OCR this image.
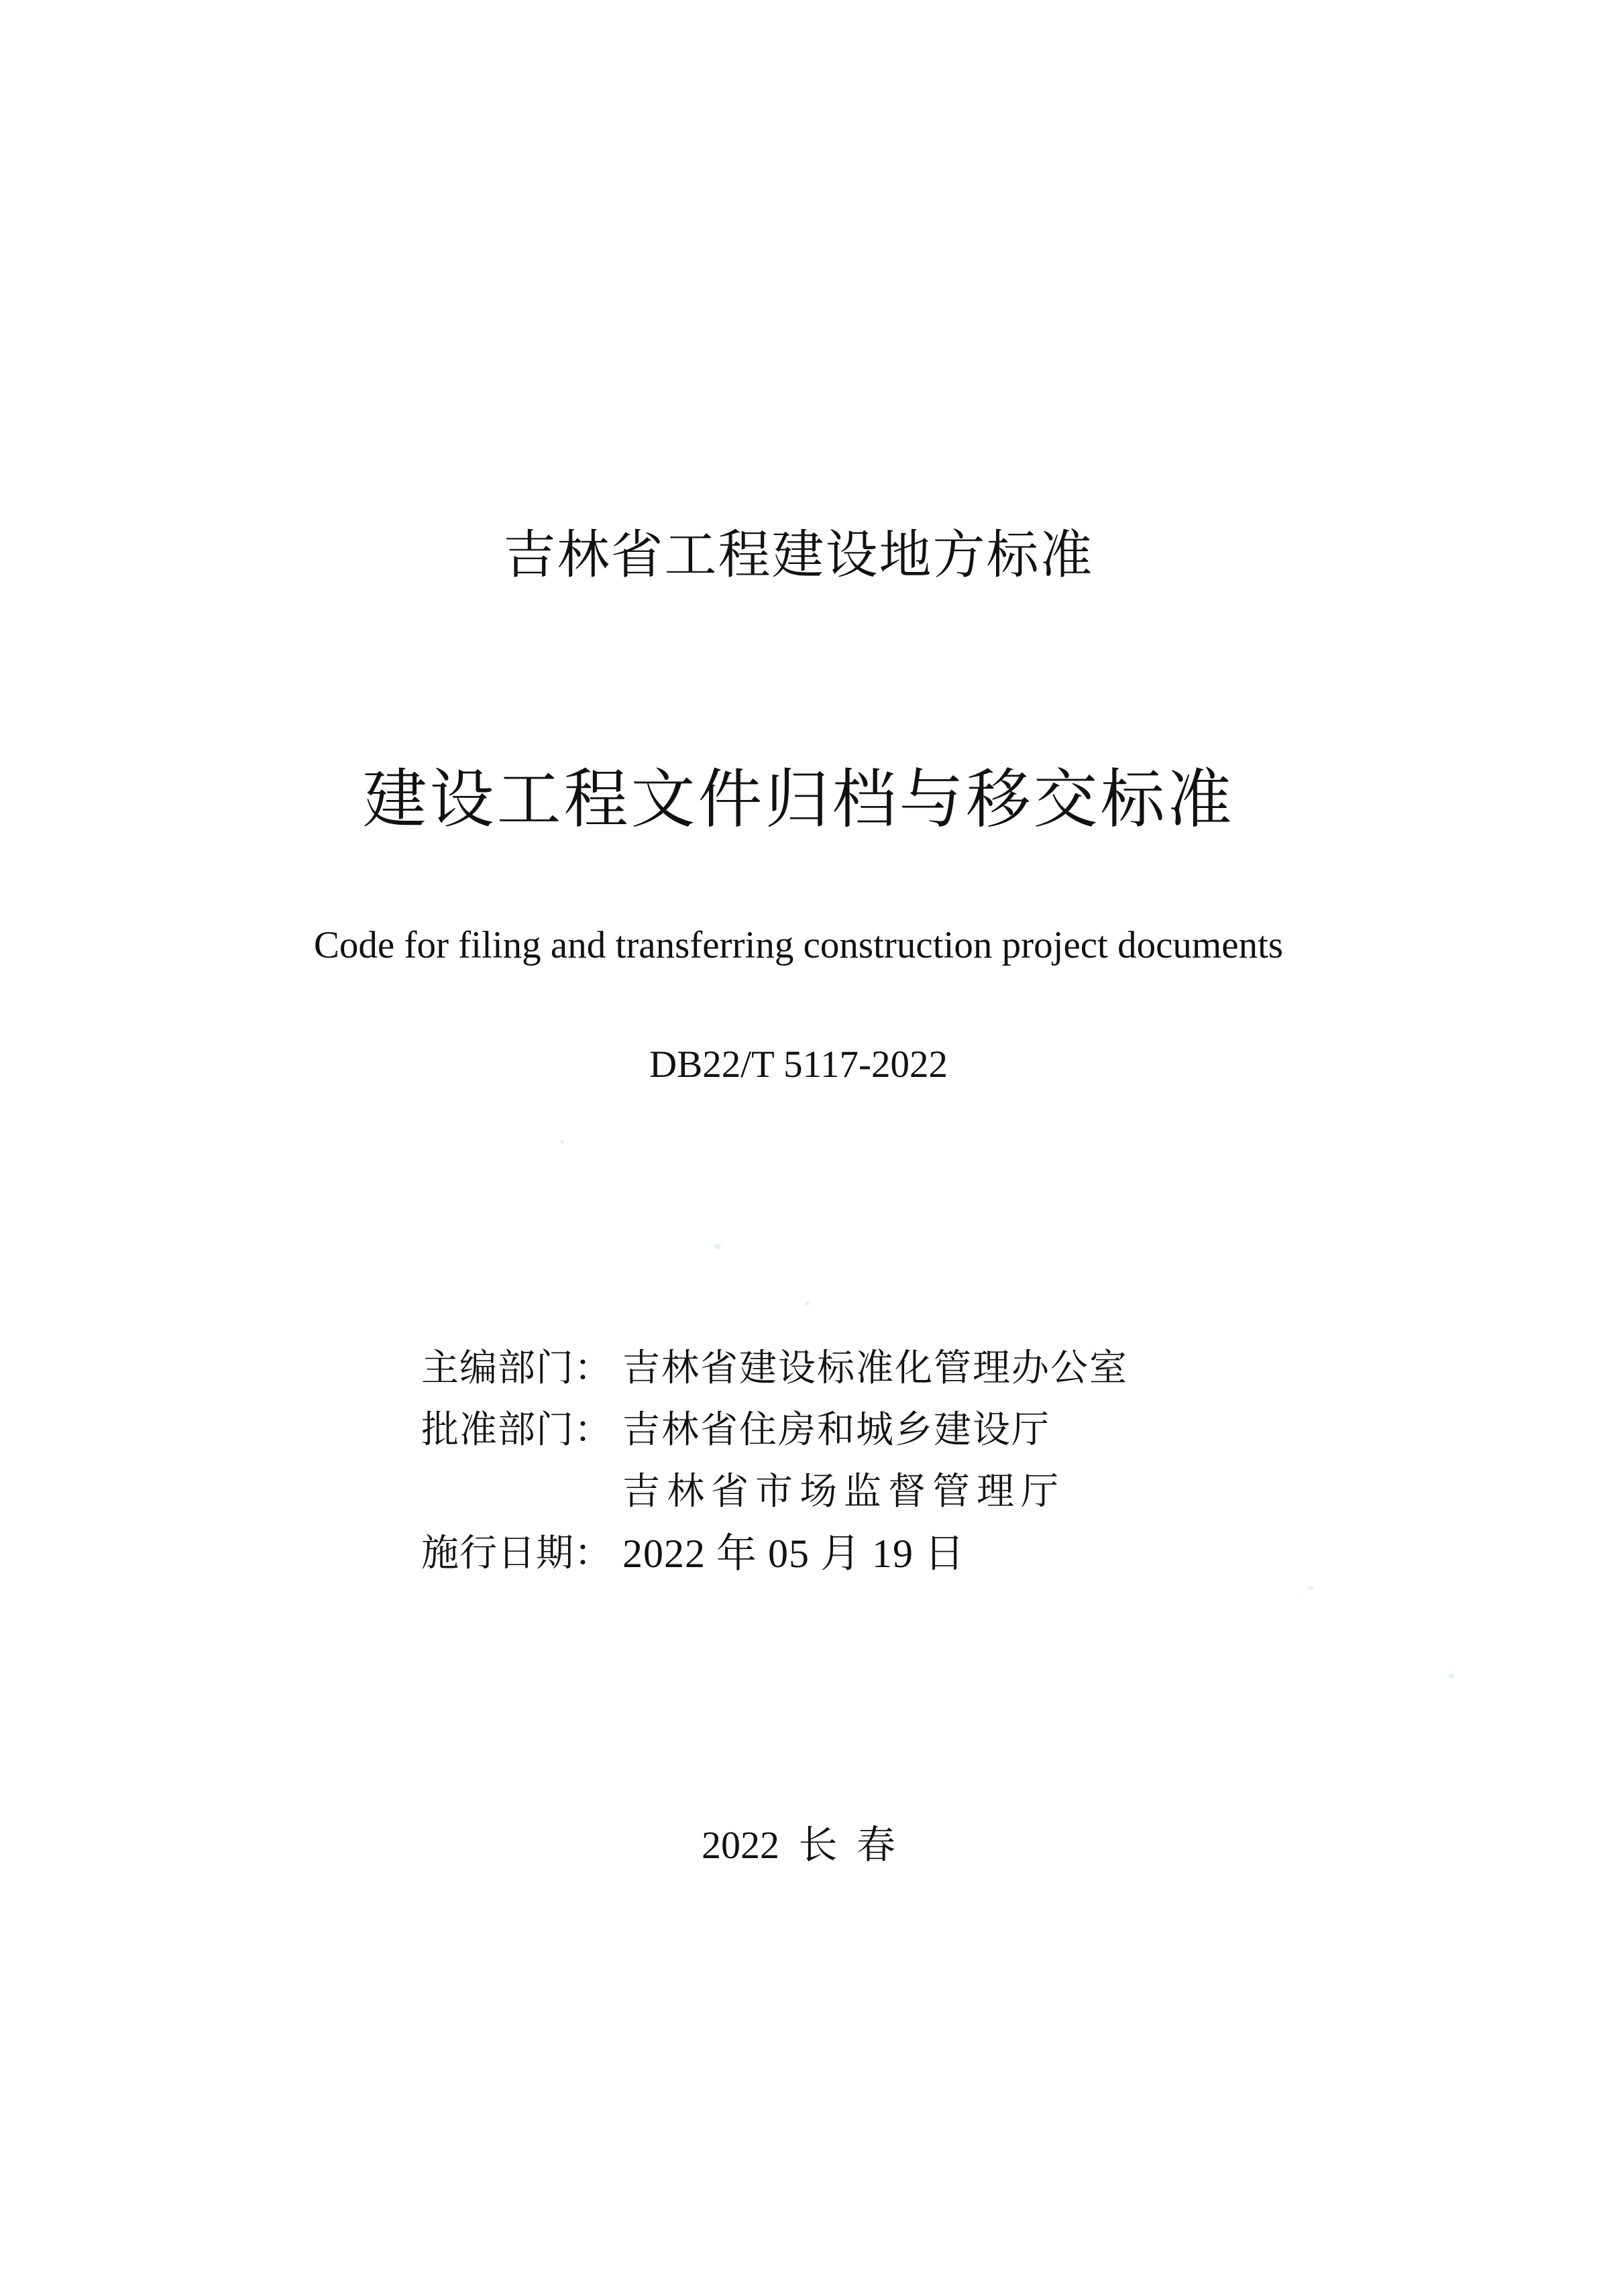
吉林省工程建设地方标准
建设工程文件归档与移交标准
Code for filing and transferring construction project documents
DB22/T 5117-2022
主编部门： 吉林省建设标准化管理办公室
批准部门： 吉林省住房和城乡建设厅
吉林省市场监督管理厅
施行日期： 2022 年 05 月 19 日
2022 长 春
